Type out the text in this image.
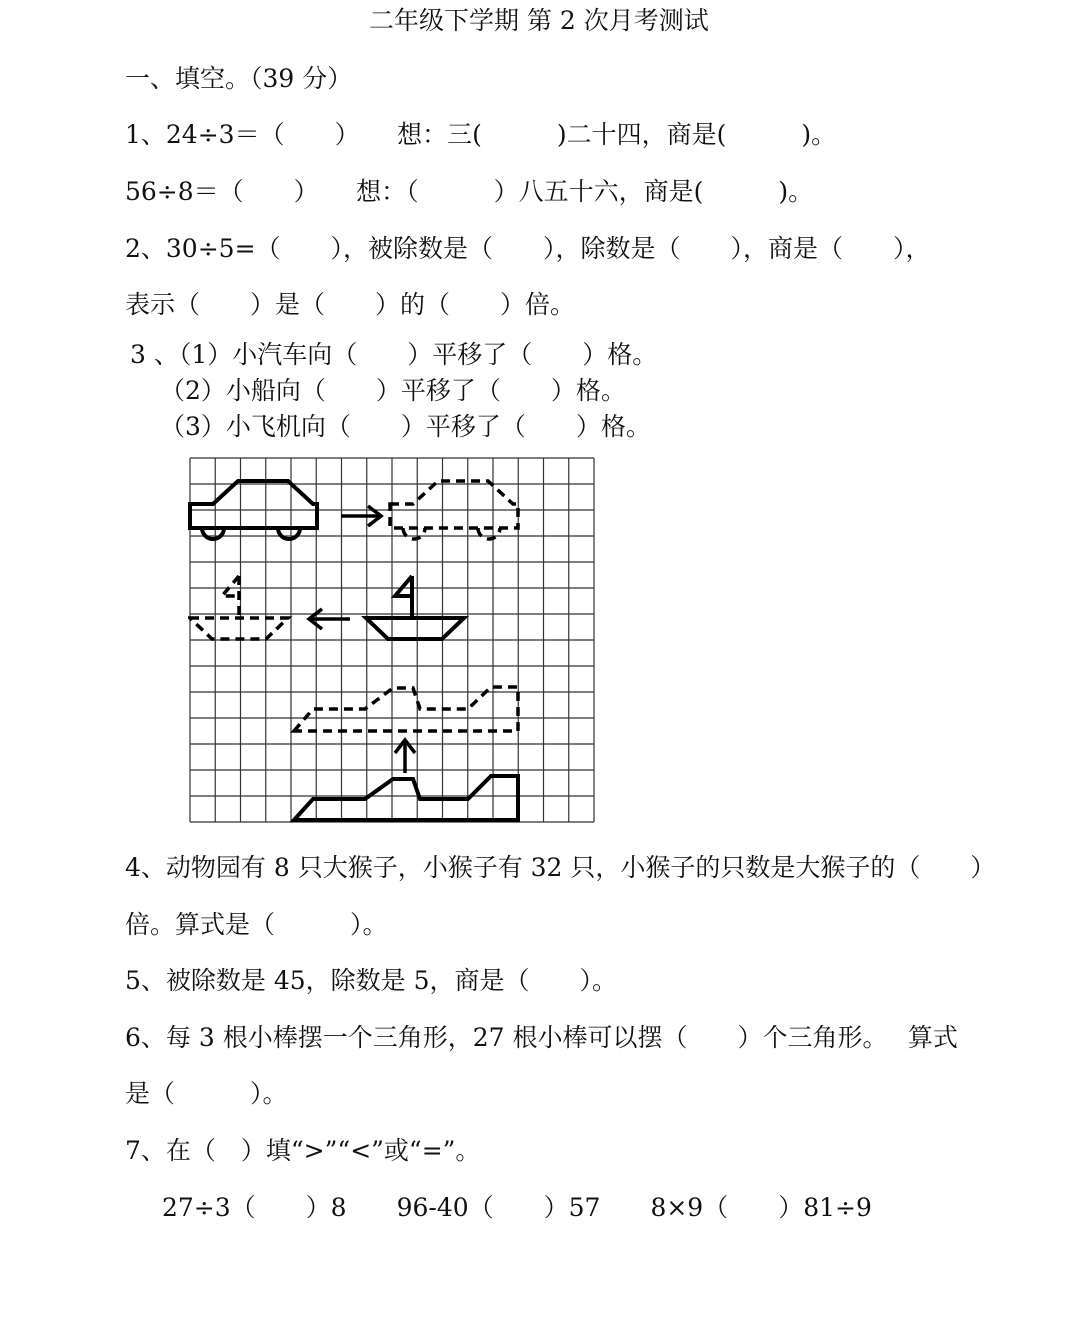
二年级下学期 第 2 次月考测试
一、填空。（39 分）
1、24÷3＝（　　）　　想：三(　　　)二十四，商是(　　　)。
56÷8＝（　　）　　想：（　　　）八五十六，商是(　　　)。
2、30÷5=（　　），被除数是（　　），除数是（　　），商是（　　），
表示（　　）是（　　）的（　　）倍。
3 、（1）小汽车向（　　）平移了（　　）格。
（2）小船向（　　）平移了（　　）格。
（3）小飞机向（　　）平移了（　　）格。
4、动物园有 8 只大猴子，小猴子有 32 只，小猴子的只数是大猴子的（　　）
倍。算式是（　　　）。
5、被除数是 45，除数是 5，商是（　　）。
6、每 3 根小棒摆一个三角形，27 根小棒可以摆（　　）个三角形。　 算式
是（　　　）。
7、在（　）填“>”“<”或“=”。
27÷3（　　）8　　96-40（　　）57　　8×9（　　）81÷9
